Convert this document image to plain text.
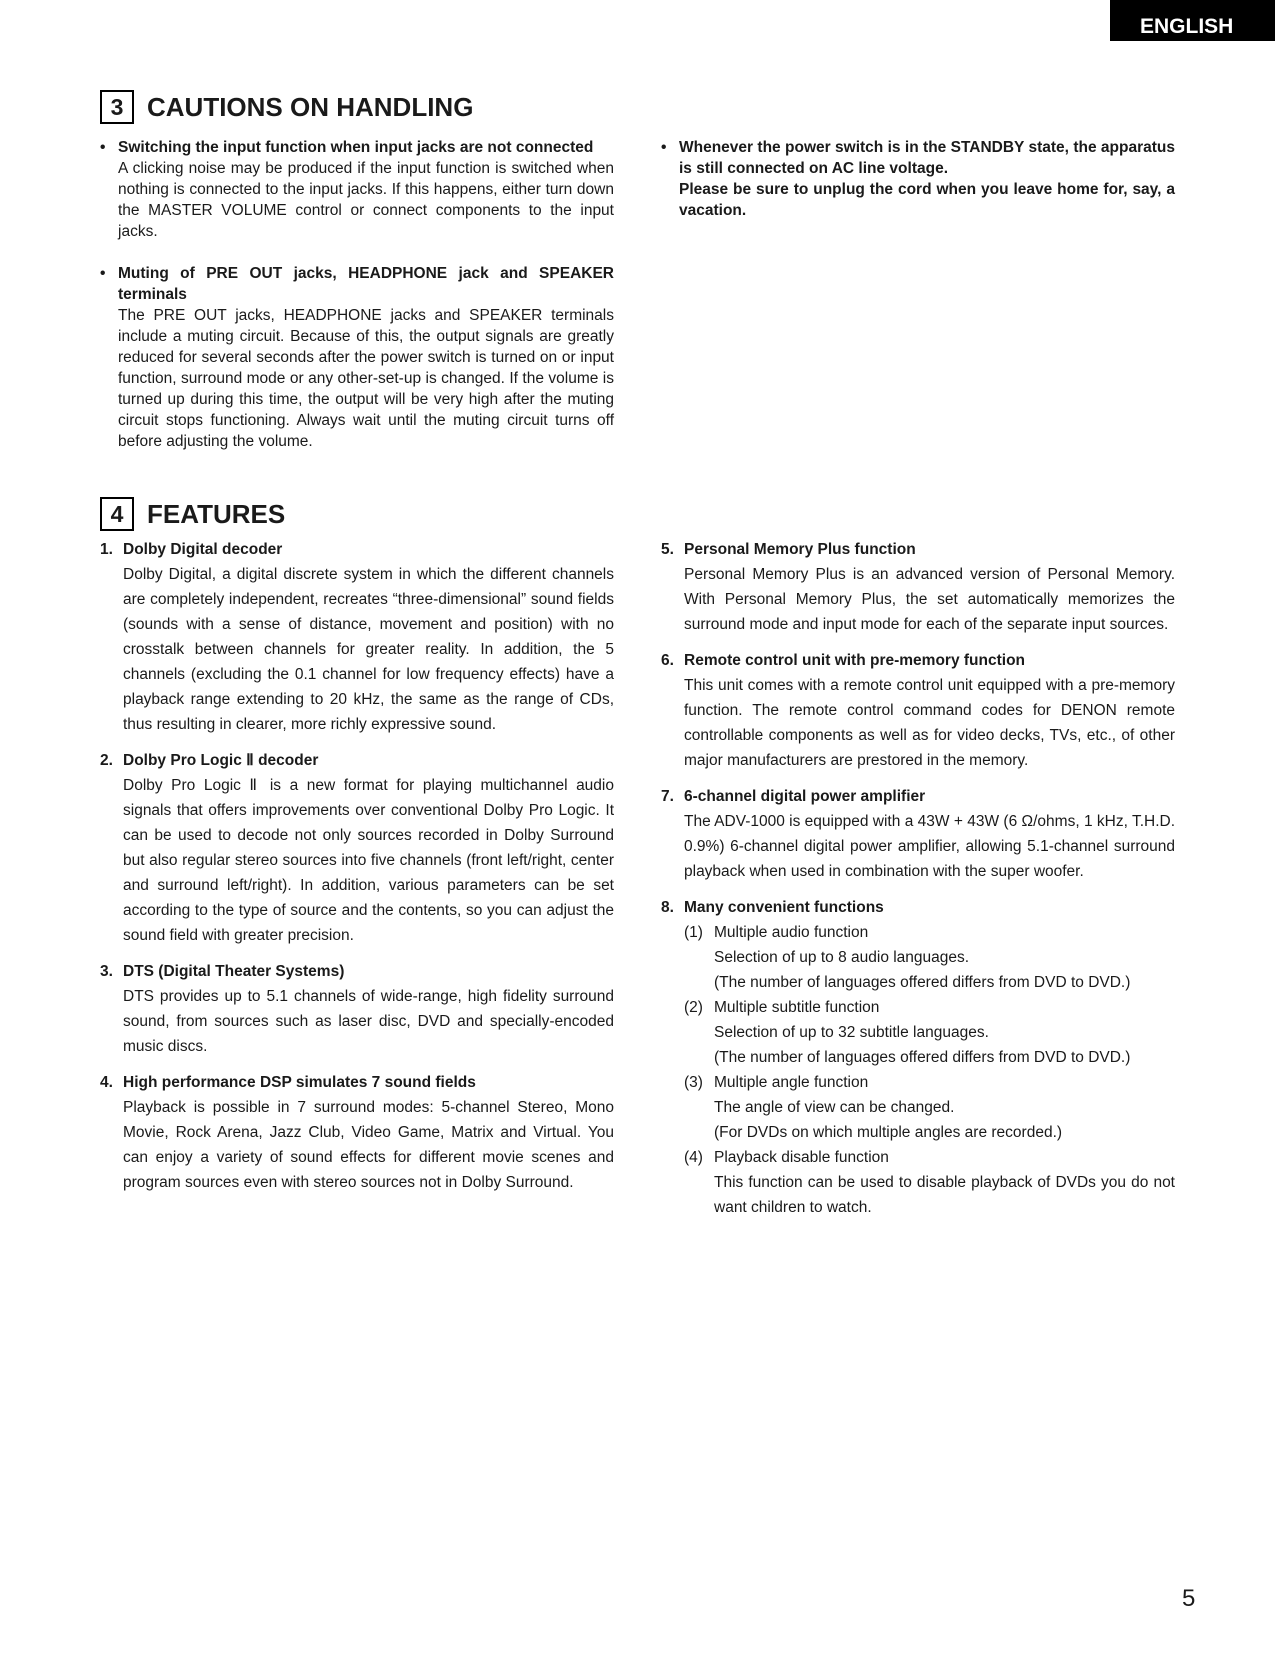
ENGLISH
3 CAUTIONS ON HANDLING
• Switching the input function when input jacks are not connected
A clicking noise may be produced if the input function is switched when nothing is connected to the input jacks. If this happens, either turn down the MASTER VOLUME control or connect components to the input jacks.
• Muting of PRE OUT jacks, HEADPHONE jack and SPEAKER terminals
The PRE OUT jacks, HEADPHONE jacks and SPEAKER terminals include a muting circuit. Because of this, the output signals are greatly reduced for several seconds after the power switch is turned on or input function, surround mode or any other-set-up is changed. If the volume is turned up during this time, the output will be very high after the muting circuit stops functioning. Always wait until the muting circuit turns off before adjusting the volume.
• Whenever the power switch is in the STANDBY state, the apparatus is still connected on AC line voltage.
Please be sure to unplug the cord when you leave home for, say, a vacation.
4 FEATURES
1. Dolby Digital decoder
Dolby Digital, a digital discrete system in which the different channels are completely independent, recreates “three-dimensional” sound fields (sounds with a sense of distance, movement and position) with no crosstalk between channels for greater reality. In addition, the 5 channels (excluding the 0.1 channel for low frequency effects) have a playback range extending to 20 kHz, the same as the range of CDs, thus resulting in clearer, more richly expressive sound.
2. Dolby Pro Logic Ⅱ decoder
Dolby Pro Logic Ⅱ is a new format for playing multichannel audio signals that offers improvements over conventional Dolby Pro Logic. It can be used to decode not only sources recorded in Dolby Surround but also regular stereo sources into five channels (front left/right, center and surround left/right). In addition, various parameters can be set according to the type of source and the contents, so you can adjust the sound field with greater precision.
3. DTS (Digital Theater Systems)
DTS provides up to 5.1 channels of wide-range, high fidelity surround sound, from sources such as laser disc, DVD and specially-encoded music discs.
4. High performance DSP simulates 7 sound fields
Playback is possible in 7 surround modes: 5-channel Stereo, Mono Movie, Rock Arena, Jazz Club, Video Game, Matrix and Virtual. You can enjoy a variety of sound effects for different movie scenes and program sources even with stereo sources not in Dolby Surround.
5. Personal Memory Plus function
Personal Memory Plus is an advanced version of Personal Memory. With Personal Memory Plus, the set automatically memorizes the surround mode and input mode for each of the separate input sources.
6. Remote control unit with pre-memory function
This unit comes with a remote control unit equipped with a pre-memory function. The remote control command codes for DENON remote controllable components as well as for video decks, TVs, etc., of other major manufacturers are prestored in the memory.
7. 6-channel digital power amplifier
The ADV-1000 is equipped with a 43W + 43W (6 Ω/ohms, 1 kHz, T.H.D. 0.9%) 6-channel digital power amplifier, allowing 5.1-channel surround playback when used in combination with the super woofer.
8. Many convenient functions
(1) Multiple audio function
Selection of up to 8 audio languages.
(The number of languages offered differs from DVD to DVD.)
(2) Multiple subtitle function
Selection of up to 32 subtitle languages.
(The number of languages offered differs from DVD to DVD.)
(3) Multiple angle function
The angle of view can be changed.
(For DVDs on which multiple angles are recorded.)
(4) Playback disable function
This function can be used to disable playback of DVDs you do not want children to watch.
5
